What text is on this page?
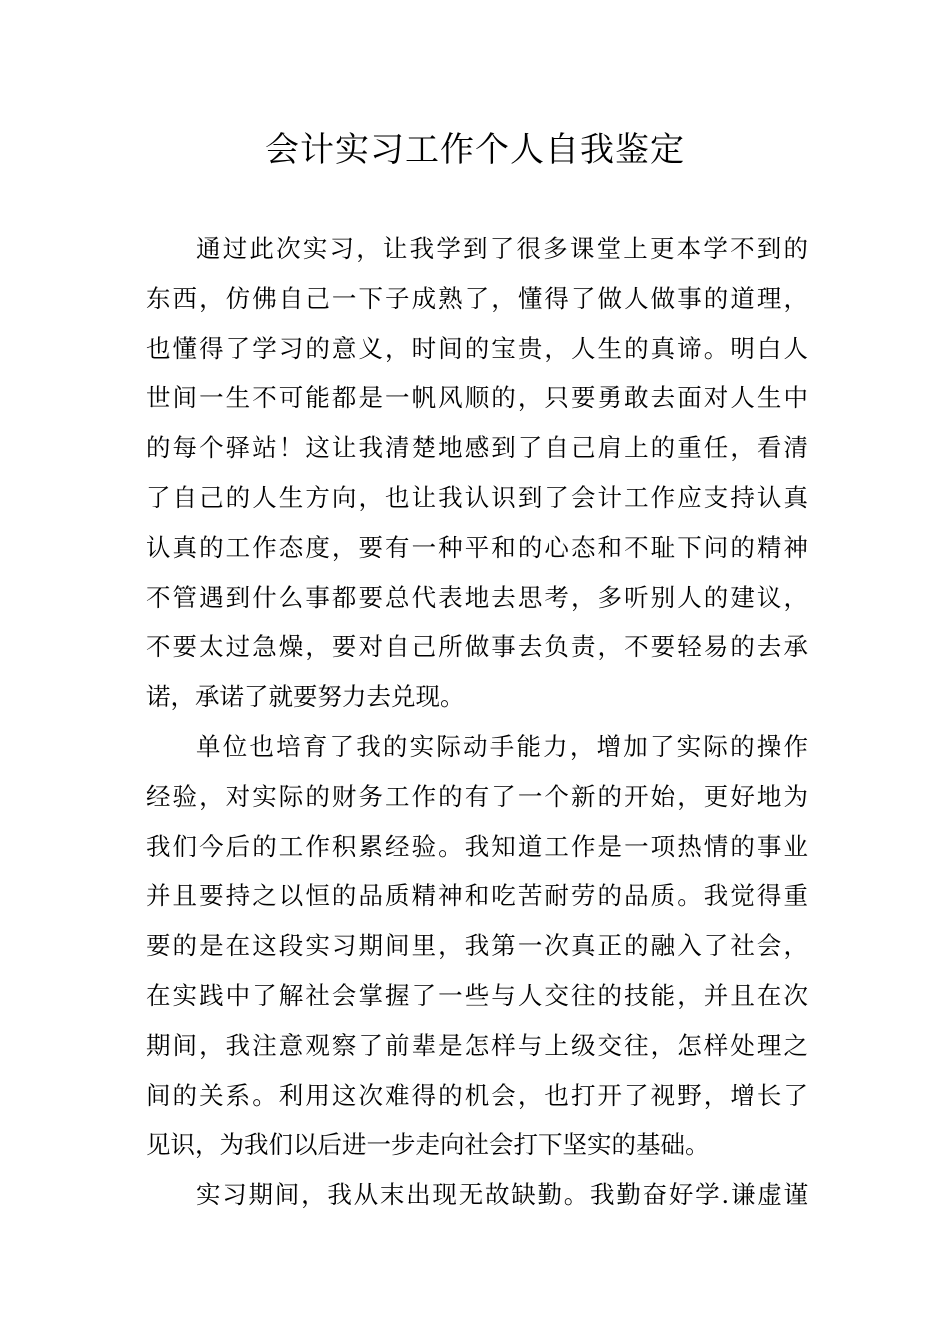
会计实习工作个人自我鉴定

通过此次实习，让我学到了很多课堂上更本学不到的
东西，仿佛自己一下子成熟了，懂得了做人做事的道理，
也懂得了学习的意义，时间的宝贵，人生的真谛。明白人
世间一生不可能都是一帆风顺的，只要勇敢去面对人生中
的每个驿站！这让我清楚地感到了自己肩上的重任，看清
了自己的人生方向，也让我认识到了会计工作应支持认真
认真的工作态度，要有一种平和的心态和不耻下问的精神
不管遇到什么事都要总代表地去思考，多听别人的建议，
不要太过急燥，要对自己所做事去负责，不要轻易的去承
诺，承诺了就要努力去兑现。

单位也培育了我的实际动手能力，增加了实际的操作
经验，对实际的财务工作的有了一个新的开始，更好地为
我们今后的工作积累经验。我知道工作是一项热情的事业
并且要持之以恒的品质精神和吃苦耐劳的品质。我觉得重
要的是在这段实习期间里，我第一次真正的融入了社会，
在实践中了解社会掌握了一些与人交往的技能，并且在次
期间，我注意观察了前辈是怎样与上级交往，怎样处理之
间的关系。利用这次难得的机会，也打开了视野，增长了
见识，为我们以后进一步走向社会打下坚实的基础。

实习期间，我从末出现无故缺勤。我勤奋好学.谦虚谨
